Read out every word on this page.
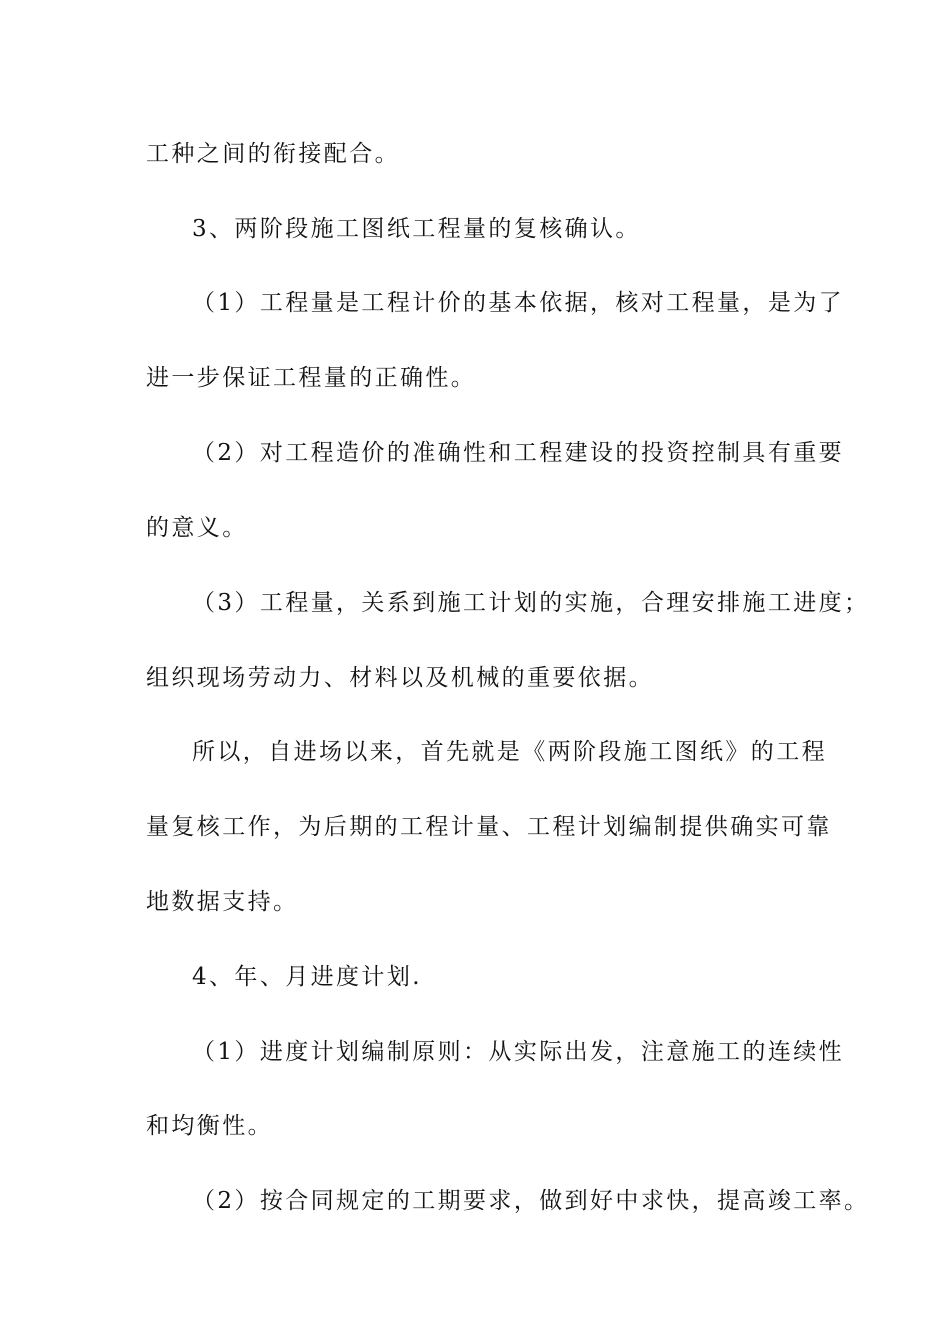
工种之间的衔接配合。
3、两阶段施工图纸工程量的复核确认。
（1）工程量是工程计价的基本依据，核对工程量，是为了
进一步保证工程量的正确性。
（2）对工程造价的准确性和工程建设的投资控制具有重要
的意义。
（3）工程量，关系到施工计划的实施，合理安排施工进度；
组织现场劳动力、材料以及机械的重要依据。
所以，自进场以来，首先就是《两阶段施工图纸》的工程
量复核工作，为后期的工程计量、工程计划编制提供确实可靠
地数据支持。
4、年、月进度计划.
（1）进度计划编制原则：从实际出发，注意施工的连续性
和均衡性。
（2）按合同规定的工期要求，做到好中求快，提高竣工率。
